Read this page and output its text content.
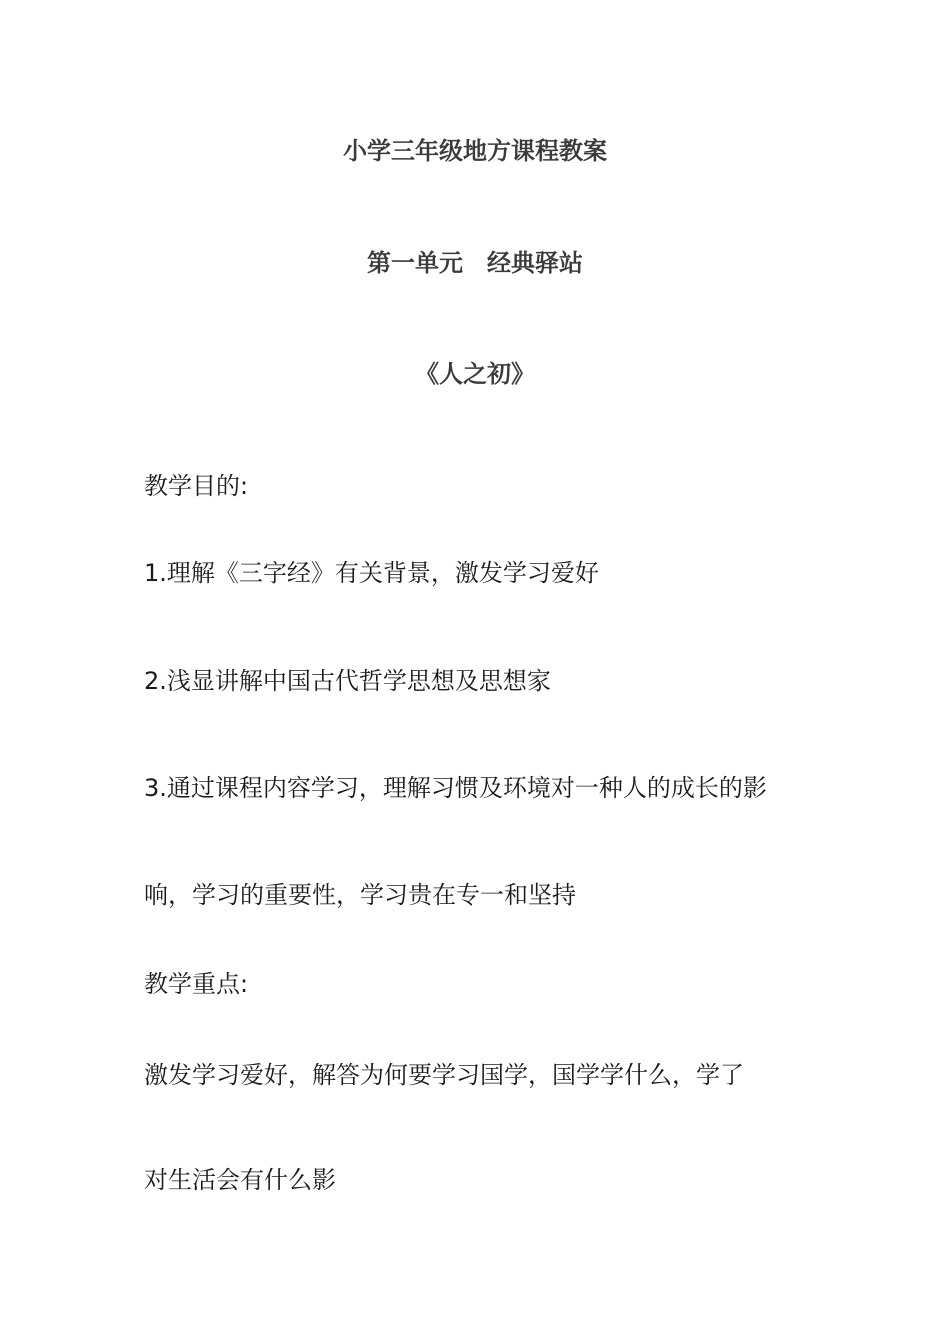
小学三年级地方课程教案
第一单元　经典驿站
《人之初》
教学目的:
1.理解《三字经》有关背景，激发学习爱好
2.浅显讲解中国古代哲学思想及思想家
3.通过课程内容学习，理解习惯及环境对一种人的成长的影
响，学习的重要性，学习贵在专一和坚持
教学重点:
激发学习爱好，解答为何要学习国学，国学学什么，学了
对生活会有什么影
